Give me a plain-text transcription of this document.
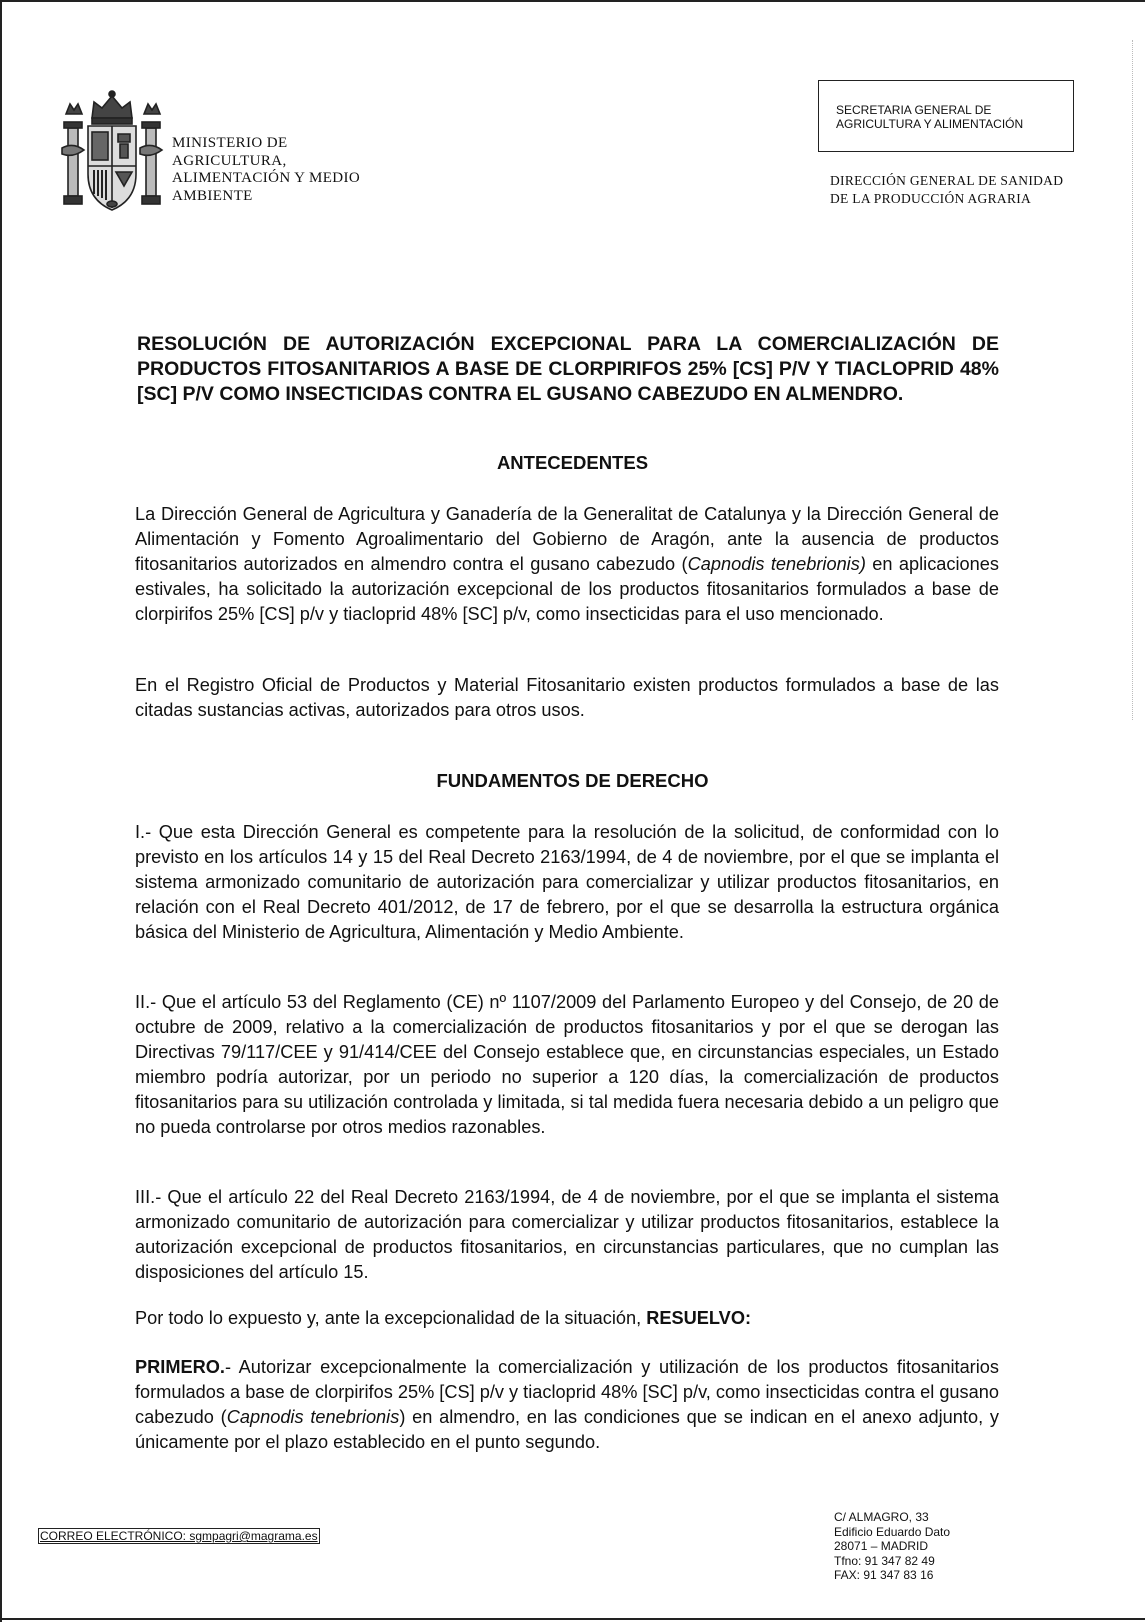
MINISTERIO DE
AGRICULTURA,
ALIMENTACIÓN Y MEDIO
AMBIENTE
SECRETARIA GENERAL DE
AGRICULTURA Y ALIMENTACIÓN
DIRECCIÓN GENERAL DE SANIDAD
DE LA PRODUCCIÓN AGRARIA
RESOLUCIÓN DE AUTORIZACIÓN EXCEPCIONAL PARA LA COMERCIALIZACIÓN DE PRODUCTOS FITOSANITARIOS A BASE DE CLORPIRIFOS 25% [CS] P/V Y TIACLOPRID 48% [SC] P/V COMO INSECTICIDAS CONTRA EL GUSANO CABEZUDO EN ALMENDRO.
ANTECEDENTES
La Dirección General de Agricultura y Ganadería de la Generalitat de Catalunya y la Dirección General de Alimentación y Fomento Agroalimentario del Gobierno de Aragón, ante la ausencia de productos fitosanitarios autorizados en almendro contra el gusano cabezudo (Capnodis tenebrionis) en aplicaciones estivales, ha solicitado la autorización excepcional de los productos fitosanitarios formulados a base de clorpirifos 25% [CS] p/v y tiacloprid 48% [SC] p/v, como insecticidas para el uso mencionado.
En el Registro Oficial de Productos y Material Fitosanitario existen productos formulados a base de las citadas sustancias activas, autorizados para otros usos.
FUNDAMENTOS DE DERECHO
I.- Que esta Dirección General es competente para la resolución de la solicitud, de conformidad con lo previsto en los artículos 14 y 15 del Real Decreto 2163/1994, de 4 de noviembre, por el que se implanta el sistema armonizado comunitario de autorización para comercializar y utilizar productos fitosanitarios, en relación con el Real Decreto 401/2012, de 17 de febrero, por el que se desarrolla la estructura orgánica básica del Ministerio de Agricultura, Alimentación y Medio Ambiente.
II.- Que el artículo 53 del Reglamento (CE) nº 1107/2009 del Parlamento Europeo y del Consejo, de 20 de octubre de 2009, relativo a la comercialización de productos fitosanitarios y por el que se derogan las Directivas 79/117/CEE y 91/414/CEE del Consejo establece que, en circunstancias especiales, un Estado miembro podría autorizar, por un periodo no superior a 120 días, la comercialización de productos fitosanitarios para su utilización controlada y limitada, si tal medida fuera necesaria debido a un peligro que no pueda controlarse por otros medios razonables.
III.- Que el artículo 22 del Real Decreto 2163/1994, de 4 de noviembre, por el que se implanta el sistema armonizado comunitario de autorización para comercializar y utilizar productos fitosanitarios, establece la autorización excepcional de productos fitosanitarios, en circunstancias particulares, que no cumplan las disposiciones del artículo 15.
Por todo lo expuesto y, ante la excepcionalidad de la situación, RESUELVO:
PRIMERO.- Autorizar excepcionalmente la comercialización y utilización de los productos fitosanitarios formulados a base de clorpirifos 25% [CS] p/v y tiacloprid 48% [SC] p/v, como insecticidas contra el gusano cabezudo (Capnodis tenebrionis) en almendro, en las condiciones que se indican en el anexo adjunto, y únicamente por el plazo establecido en el punto segundo.
CORREO ELECTRÓNICO: sgmpagri@magrama.es
C/ ALMAGRO, 33
Edificio Eduardo Dato
28071 – MADRID
Tfno: 91 347 82 49
FAX: 91 347 83 16
